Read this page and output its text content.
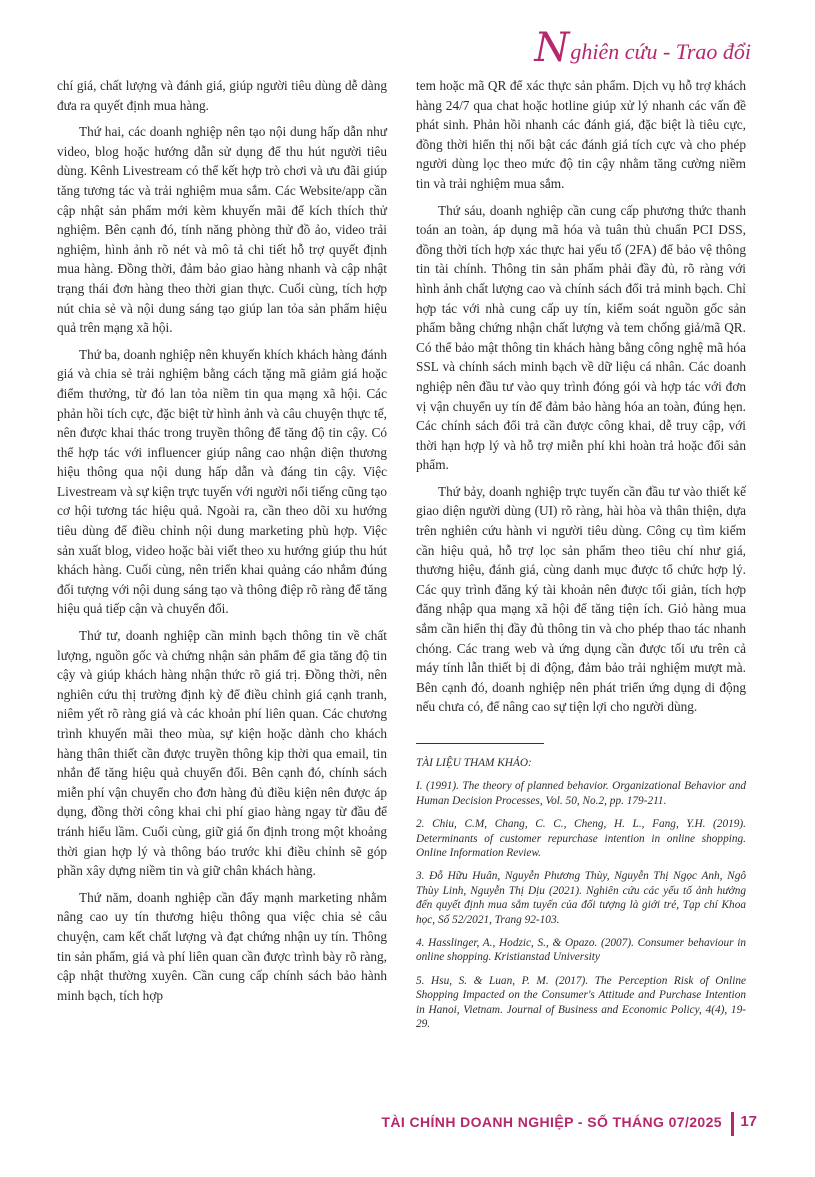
N ghiên cứu - Trao đổi

chí giá, chất lượng và đánh giá, giúp người tiêu dùng dễ dàng đưa ra quyết định mua hàng.

Thứ hai, các doanh nghiệp nên tạo nội dung hấp dẫn như video, blog hoặc hướng dẫn sử dụng để thu hút người tiêu dùng. Kênh Livestream có thể kết hợp trò chơi và ưu đãi giúp tăng tương tác và trải nghiệm mua sắm. Các Website/app cần cập nhật sản phẩm mới kèm khuyến mãi để kích thích thử nghiệm. Bên cạnh đó, tính năng phòng thử đồ ảo, video trải nghiệm, hình ảnh rõ nét và mô tả chi tiết hỗ trợ quyết định mua hàng. Đồng thời, đảm bảo giao hàng nhanh và cập nhật trạng thái đơn hàng theo thời gian thực. Cuối cùng, tích hợp nút chia sẻ và nội dung sáng tạo giúp lan tỏa sản phẩm hiệu quả trên mạng xã hội.

Thứ ba, doanh nghiệp nên khuyến khích khách hàng đánh giá và chia sẻ trải nghiệm bằng cách tặng mã giảm giá hoặc điểm thưởng, từ đó lan tỏa niềm tin qua mạng xã hội. Các phản hồi tích cực, đặc biệt từ hình ảnh và câu chuyện thực tế, nên được khai thác trong truyền thông để tăng độ tin cậy. Có thể hợp tác với influencer giúp nâng cao nhận diện thương hiệu thông qua nội dung hấp dẫn và đáng tin cậy. Việc Livestream và sự kiện trực tuyến với người nổi tiếng cũng tạo cơ hội tương tác hiệu quả. Ngoài ra, cần theo dõi xu hướng tiêu dùng để điều chỉnh nội dung marketing phù hợp. Việc sản xuất blog, video hoặc bài viết theo xu hướng giúp thu hút khách hàng. Cuối cùng, nên triển khai quảng cáo nhắm đúng đối tượng với nội dung sáng tạo và thông điệp rõ ràng để tăng hiệu quả tiếp cận và chuyển đổi.

Thứ tư, doanh nghiệp cần minh bạch thông tin về chất lượng, nguồn gốc và chứng nhận sản phẩm để gia tăng độ tin cậy và giúp khách hàng nhận thức rõ giá trị. Đồng thời, nên nghiên cứu thị trường định kỳ để điều chỉnh giá cạnh tranh, niêm yết rõ ràng giá và các khoản phí liên quan. Các chương trình khuyến mãi theo mùa, sự kiện hoặc dành cho khách hàng thân thiết cần được truyền thông kịp thời qua email, tin nhắn để tăng hiệu quả chuyển đổi. Bên cạnh đó, chính sách miễn phí vận chuyển cho đơn hàng đủ điều kiện nên được áp dụng, đồng thời công khai chi phí giao hàng ngay từ đầu để tránh hiểu lầm. Cuối cùng, giữ giá ổn định trong một khoảng thời gian hợp lý và thông báo trước khi điều chỉnh sẽ góp phần xây dựng niềm tin và giữ chân khách hàng.

Thứ năm, doanh nghiệp cần đẩy mạnh marketing nhằm nâng cao uy tín thương hiệu thông qua việc chia sẻ câu chuyện, cam kết chất lượng và đạt chứng nhận uy tín. Thông tin sản phẩm, giá và phí liên quan cần được trình bày rõ ràng, cập nhật thường xuyên. Cần cung cấp chính sách bảo hành minh bạch, tích hợp

tem hoặc mã QR để xác thực sản phẩm. Dịch vụ hỗ trợ khách hàng 24/7 qua chat hoặc hotline giúp xử lý nhanh các vấn đề phát sinh. Phản hồi nhanh các đánh giá, đặc biệt là tiêu cực, đồng thời hiển thị nổi bật các đánh giá tích cực và cho phép người dùng lọc theo mức độ tin cậy nhằm tăng cường niềm tin và trải nghiệm mua sắm.

Thứ sáu, doanh nghiệp cần cung cấp phương thức thanh toán an toàn, áp dụng mã hóa và tuân thủ chuẩn PCI DSS, đồng thời tích hợp xác thực hai yếu tố (2FA) để bảo vệ thông tin tài chính. Thông tin sản phẩm phải đầy đủ, rõ ràng với hình ảnh chất lượng cao và chính sách đổi trả minh bạch. Chỉ hợp tác với nhà cung cấp uy tín, kiểm soát nguồn gốc sản phẩm bằng chứng nhận chất lượng và tem chống giả/mã QR. Có thể bảo mật thông tin khách hàng bằng công nghệ mã hóa SSL và chính sách minh bạch về dữ liệu cá nhân. Các doanh nghiệp nên đầu tư vào quy trình đóng gói và hợp tác với đơn vị vận chuyển uy tín để đảm bảo hàng hóa an toàn, đúng hẹn. Các chính sách đổi trả cần được công khai, dễ truy cập, với thời hạn hợp lý và hỗ trợ miễn phí khi hoàn trả hoặc đổi sản phẩm.

Thứ bảy, doanh nghiệp trực tuyến cần đầu tư vào thiết kế giao diện người dùng (UI) rõ ràng, hài hòa và thân thiện, dựa trên nghiên cứu hành vi người tiêu dùng. Công cụ tìm kiếm cần hiệu quả, hỗ trợ lọc sản phẩm theo tiêu chí như giá, thương hiệu, đánh giá, cùng danh mục được tổ chức hợp lý. Các quy trình đăng ký tài khoản nên được tối giản, tích hợp đăng nhập qua mạng xã hội để tăng tiện ích. Giỏ hàng mua sắm cần hiển thị đầy đủ thông tin và cho phép thao tác nhanh chóng. Các trang web và ứng dụng cần được tối ưu trên cả máy tính lẫn thiết bị di động, đảm bảo trải nghiệm mượt mà. Bên cạnh đó, doanh nghiệp nên phát triển ứng dụng di động nếu chưa có, để nâng cao sự tiện lợi cho người dùng.

TÀI LIỆU THAM KHẢO:
I. (1991). The theory of planned behavior. Organizational Behavior and Human Decision Processes, Vol. 50, No.2, pp. 179-211.
2. Chiu, C.M, Chang, C. C., Cheng, H. L., Fang, Y.H. (2019). Determinants of customer repurchase intention in online shopping. Online Information Review.
3. Đỗ Hữu Huân, Nguyễn Phương Thùy, Nguyễn Thị Ngọc Anh, Ngô Thùy Linh, Nguyễn Thị Dịu (2021). Nghiên cứu các yếu tố ảnh hưởng đến quyết định mua sắm tuyến của đối tượng là giới trẻ, Tạp chí Khoa học, Số 52/2021, Trang 92-103.
4. Hasslinger, A., Hodzic, S., & Opazo. (2007). Consumer behaviour in online shopping. Kristianstad University
5. Hsu, S. & Luan, P. M. (2017). The Perception Risk of Online Shopping Impacted on the Consumer's Attitude and Purchase Intention in Hanoi, Vietnam. Journal of Business and Economic Policy, 4(4), 19-29.
TÀI CHÍNH DOANH NGHIỆP - SỐ THÁNG 07/2025 17
